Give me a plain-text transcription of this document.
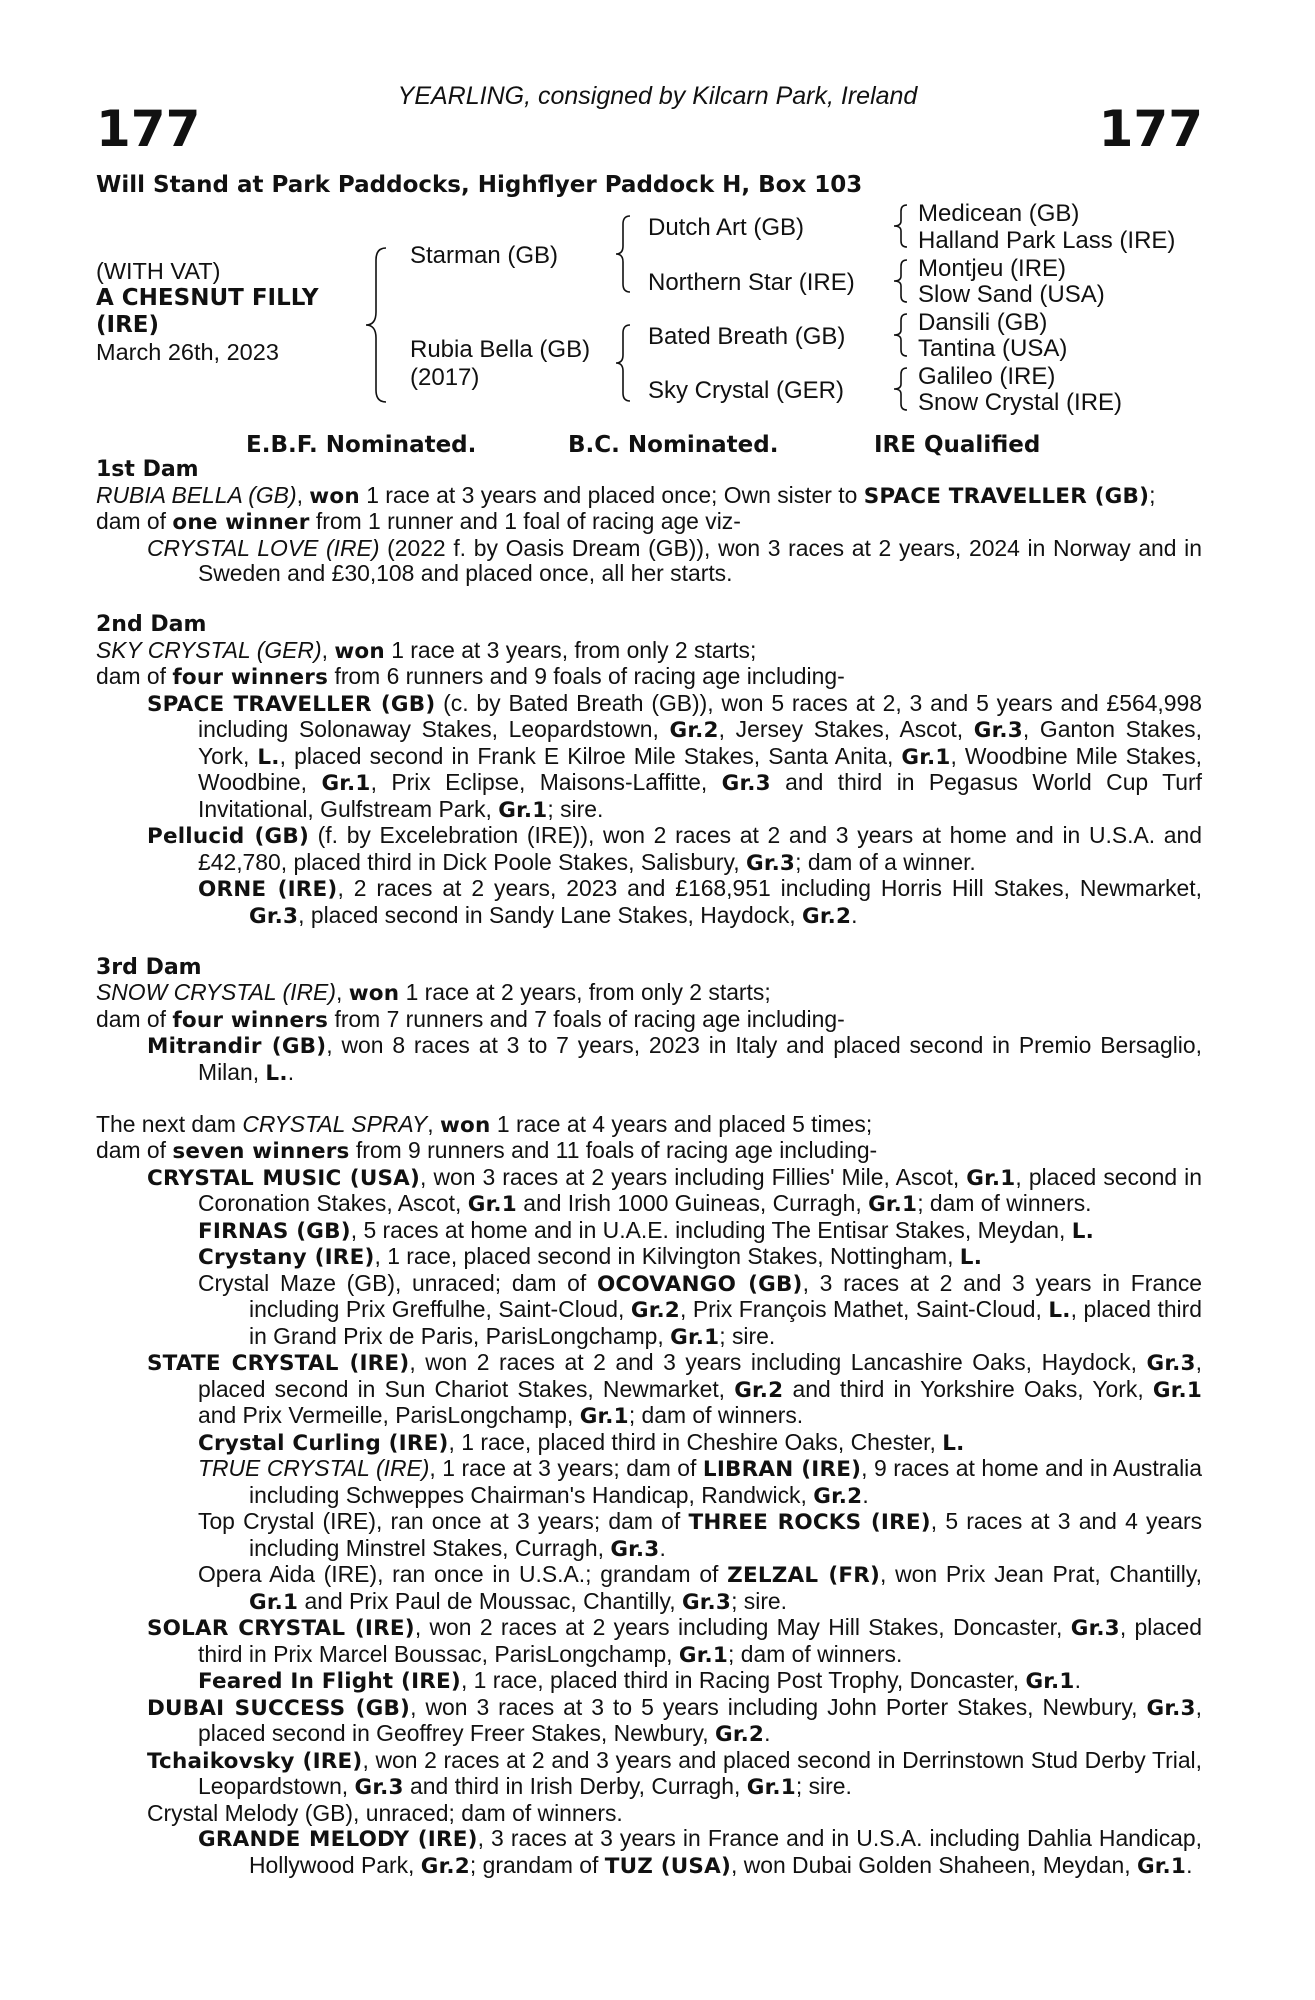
177	177
YEARLING, consigned by Kilcarn Park, Ireland
Will Stand at Park Paddocks, Highflyer Paddock H, Box 103
(WITH VAT)
A CHESNUT FILLY
(IRE)
March 26th, 2023
Starman (GB)
Rubia Bella (GB)
(2017)
Dutch Art (GB)
Northern Star (IRE)
Bated Breath (GB)
Sky Crystal (GER)
Medicean (GB)
Halland Park Lass (IRE)
Montjeu (IRE)
Slow Sand (USA)
Dansili (GB)
Tantina (USA)
Galileo (IRE)
Snow Crystal (IRE)
E.B.F. Nominated.	B.C. Nominated.	IRE Qualified

1st Dam

RUBIA BELLA (GB), won 1 race at 3 years and placed once; Own sister to SPACE TRAVELLER (GB);

dam of one winner from 1 runner and 1 foal of racing age viz-

CRYSTAL LOVE (IRE) (2022 f. by Oasis Dream (GB)), won 3 races at 2 years, 2024 in Norway and in Sweden and £30,108 and placed once, all her starts.

2nd Dam

SKY CRYSTAL (GER), won 1 race at 3 years, from only 2 starts;

dam of four winners from 6 runners and 9 foals of racing age including-

SPACE TRAVELLER (GB) (c. by Bated Breath (GB)), won 5 races at 2, 3 and 5 years and £564,998 including Solonaway Stakes, Leopardstown, Gr.2, Jersey Stakes, Ascot, Gr.3, Ganton Stakes, York, L., placed second in Frank E Kilroe Mile Stakes, Santa Anita, Gr.1, Woodbine Mile Stakes, Woodbine, Gr.1, Prix Eclipse, Maisons-Laffitte, Gr.3 and third in Pegasus World Cup Turf Invitational, Gulfstream Park, Gr.1; sire.

Pellucid (GB) (f. by Excelebration (IRE)), won 2 races at 2 and 3 years at home and in U.S.A. and £42,780, placed third in Dick Poole Stakes, Salisbury, Gr.3; dam of a winner.

ORNE (IRE), 2 races at 2 years, 2023 and £168,951 including Horris Hill Stakes, Newmarket, Gr.3, placed second in Sandy Lane Stakes, Haydock, Gr.2.

3rd Dam

SNOW CRYSTAL (IRE), won 1 race at 2 years, from only 2 starts;

dam of four winners from 7 runners and 7 foals of racing age including-

Mitrandir (GB), won 8 races at 3 to 7 years, 2023 in Italy and placed second in Premio Bersaglio, Milan, L..

The next dam CRYSTAL SPRAY, won 1 race at 4 years and placed 5 times;

dam of seven winners from 9 runners and 11 foals of racing age including-

CRYSTAL MUSIC (USA), won 3 races at 2 years including Fillies' Mile, Ascot, Gr.1, placed second in Coronation Stakes, Ascot, Gr.1 and Irish 1000 Guineas, Curragh, Gr.1; dam of winners.

FIRNAS (GB), 5 races at home and in U.A.E. including The Entisar Stakes, Meydan, L.

Crystany (IRE), 1 race, placed second in Kilvington Stakes, Nottingham, L.

Crystal Maze (GB), unraced; dam of OCOVANGO (GB), 3 races at 2 and 3 years in France including Prix Greffulhe, Saint-Cloud, Gr.2, Prix François Mathet, Saint-Cloud, L., placed third in Grand Prix de Paris, ParisLongchamp, Gr.1; sire.

STATE CRYSTAL (IRE), won 2 races at 2 and 3 years including Lancashire Oaks, Haydock, Gr.3, placed second in Sun Chariot Stakes, Newmarket, Gr.2 and third in Yorkshire Oaks, York, Gr.1 and Prix Vermeille, ParisLongchamp, Gr.1; dam of winners.

Crystal Curling (IRE), 1 race, placed third in Cheshire Oaks, Chester, L.

TRUE CRYSTAL (IRE), 1 race at 3 years; dam of LIBRAN (IRE), 9 races at home and in Australia including Schweppes Chairman's Handicap, Randwick, Gr.2.

Top Crystal (IRE), ran once at 3 years; dam of THREE ROCKS (IRE), 5 races at 3 and 4 years including Minstrel Stakes, Curragh, Gr.3.

Opera Aida (IRE), ran once in U.S.A.; grandam of ZELZAL (FR), won Prix Jean Prat, Chantilly, Gr.1 and Prix Paul de Moussac, Chantilly, Gr.3; sire.

SOLAR CRYSTAL (IRE), won 2 races at 2 years including May Hill Stakes, Doncaster, Gr.3, placed third in Prix Marcel Boussac, ParisLongchamp, Gr.1; dam of winners.

Feared In Flight (IRE), 1 race, placed third in Racing Post Trophy, Doncaster, Gr.1.

DUBAI SUCCESS (GB), won 3 races at 3 to 5 years including John Porter Stakes, Newbury, Gr.3, placed second in Geoffrey Freer Stakes, Newbury, Gr.2.

Tchaikovsky (IRE), won 2 races at 2 and 3 years and placed second in Derrinstown Stud Derby Trial, Leopardstown, Gr.3 and third in Irish Derby, Curragh, Gr.1; sire.

Crystal Melody (GB), unraced; dam of winners.

GRANDE MELODY (IRE), 3 races at 3 years in France and in U.S.A. including Dahlia Handicap, Hollywood Park, Gr.2; grandam of TUZ (USA), won Dubai Golden Shaheen, Meydan, Gr.1.
